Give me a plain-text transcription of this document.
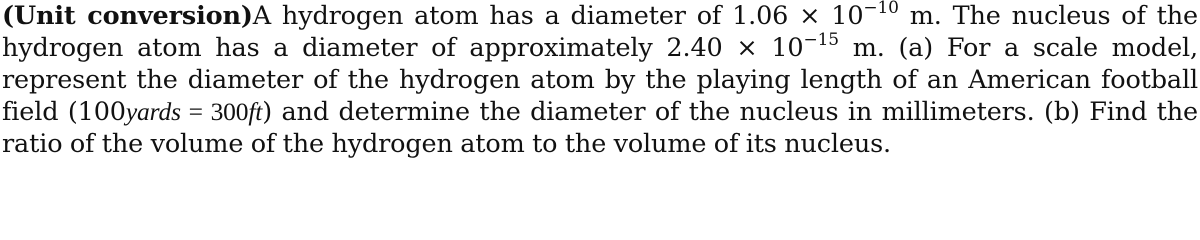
(Unit conversion)A hydrogen atom has a diameter of $1.06 \times 10^{-10}$ m. The nucleus of the hydrogen atom has a diameter of approximately $2.40 \times 10^{-15}$ m. (a) For a scale model, represent the diameter of the hydrogen atom by the playing length of an American football field (100yards = 300ft) and determine the diameter of the nucleus in millimeters. (b) Find the ratio of the volume of the hydrogen atom to the volume of its nucleus.
